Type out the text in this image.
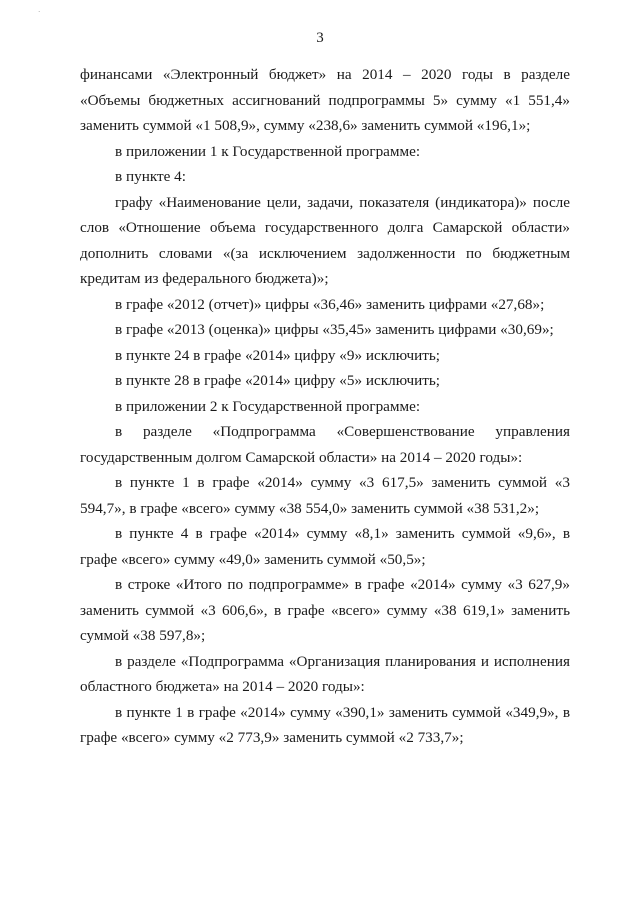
·
3

финансами «Электронный бюджет» на 2014 – 2020 годы в разделе «Объемы бюджетных ассигнований подпрограммы 5» сумму «1 551,4» заменить суммой «1 508,9», сумму «238,6» заменить суммой «196,1»;

в приложении 1 к Государственной программе:

в пункте 4:

графу «Наименование цели, задачи, показателя (индикатора)» после слов «Отношение объема государственного долга Самарской области» дополнить словами «(за исключением задолженности по бюджетным кредитам из федерального бюджета)»;

в графе «2012 (отчет)» цифры «36,46» заменить цифрами «27,68»;

в графе «2013 (оценка)» цифры «35,45» заменить цифрами «30,69»;

в пункте 24 в графе «2014» цифру «9» исключить;

в пункте 28 в графе «2014» цифру «5» исключить;

в приложении 2 к Государственной программе:

в разделе «Подпрограмма «Совершенствование управления государственным долгом Самарской области» на 2014 – 2020 годы»:

в пункте 1 в графе «2014» сумму «3 617,5» заменить суммой «3 594,7», в графе «всего» сумму «38 554,0» заменить суммой «38 531,2»;

в пункте 4 в графе «2014» сумму «8,1» заменить суммой «9,6», в графе «всего» сумму «49,0» заменить суммой «50,5»;

в строке «Итого по подпрограмме» в графе «2014» сумму «3 627,9» заменить суммой «3 606,6», в графе «всего» сумму «38 619,1» заменить суммой «38 597,8»;

в разделе «Подпрограмма «Организация планирования и исполнения областного бюджета» на 2014 – 2020 годы»:

в пункте 1 в графе «2014» сумму «390,1» заменить суммой «349,9», в графе «всего» сумму «2 773,9» заменить суммой «2 733,7»;
